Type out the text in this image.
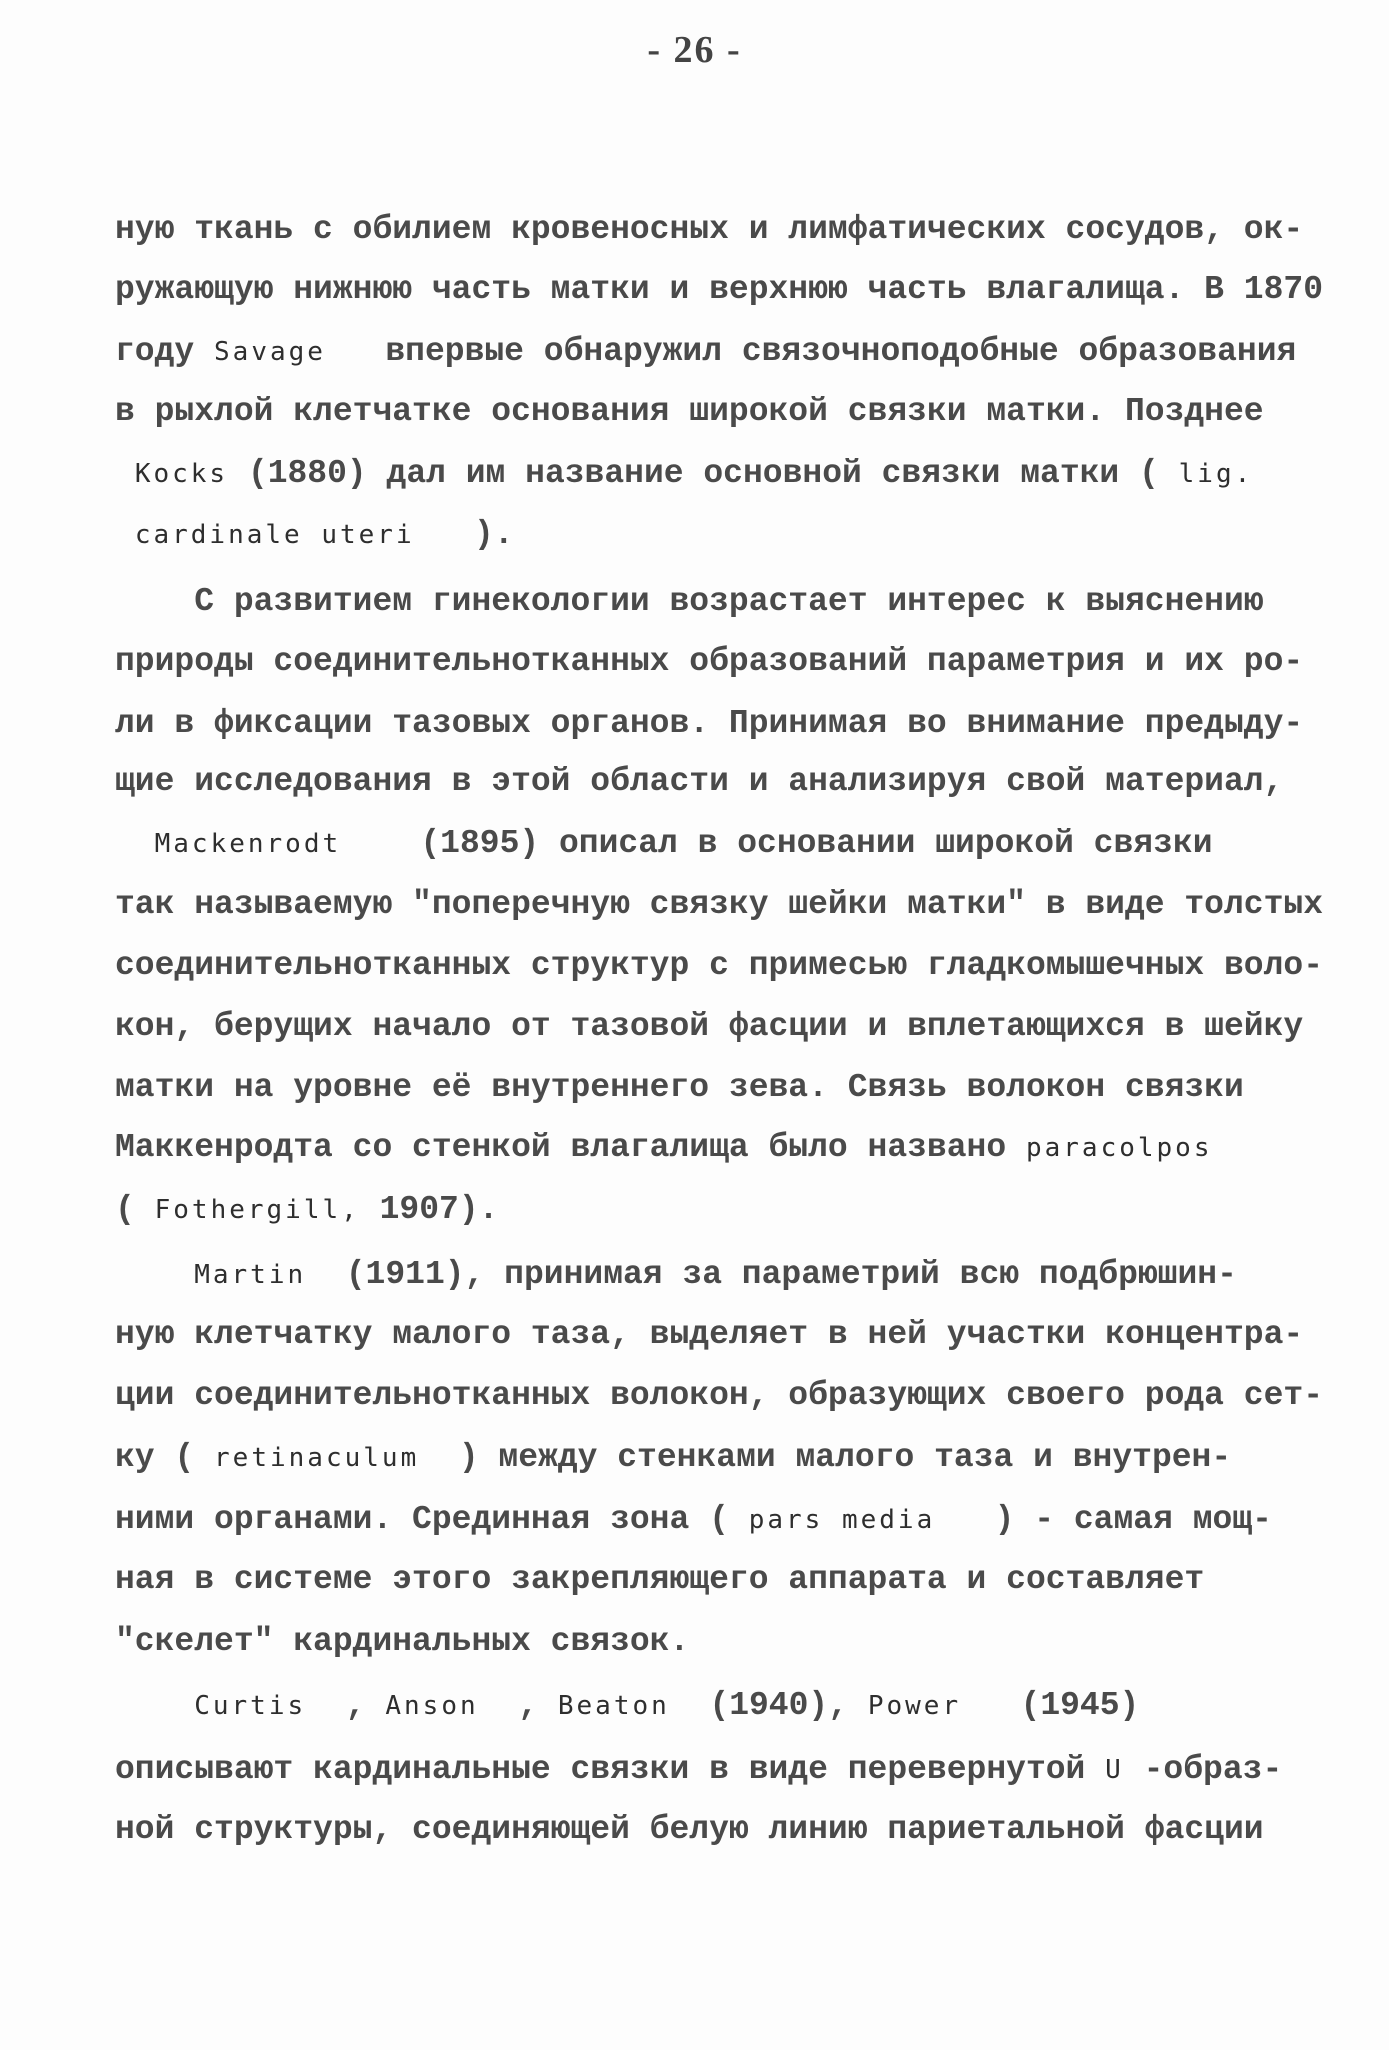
- 26 -
ную ткань с обилием кровеносных и лимфатических сосудов, ок-
ружающую нижнюю часть матки и верхнюю часть влагалища. В 1870
году Savage   впервые обнаружил связочноподобные образования
в рыхлой клетчатке основания широкой связки матки. Позднее
Kocks (1880) дал им название основной связки матки ( lig.
cardinale uteri   ).
С развитием гинекологии возрастает интерес к выяснению
природы соединительнотканных образований параметрия и их ро-
ли в фиксации тазовых органов. Принимая во внимание предыду-
щие исследования в этой области и анализируя свой материал,
Mackenrodt    (1895) описал в основании широкой связки
так называемую "поперечную связку шейки матки" в виде толстых
соединительнотканных структур с примесью гладкомышечных воло-
кон, берущих начало от тазовой фасции и вплетающихся в шейку
матки на уровне её внутреннего зева. Связь волокон связки
Маккенродта со стенкой влагалища было названо paracolpos
( Fothergill, 1907).
Martin  (1911), принимая за параметрий всю подбрюшин-
ную клетчатку малого таза, выделяет в ней участки концентра-
ции соединительнотканных волокон, образующих своего рода сет-
ку ( retinaculum  ) между стенками малого таза и внутрен-
ними органами. Срединная зона ( pars media   ) - самая мощ-
ная в системе этого закрепляющего аппарата и составляет
"скелет" кардинальных связок.
Curtis  , Anson  , Beaton  (1940), Power   (1945)
описывают кардинальные связки в виде перевернутой U -образ-
ной структуры, соединяющей белую линию париетальной фасции
